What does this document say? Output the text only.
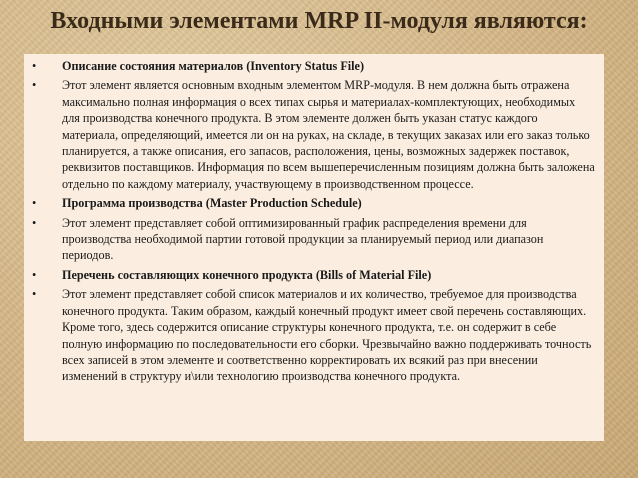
Входными элементами MRP II-модуля являются:
•	Описание состояния материалов (Inventory Status File)
•	Этот элемент является основным входным элементом MRP-модуля. В нем должна быть отражена максимально полная информация о всех типах сырья и материалах-комплектующих, необходимых для производства конечного продукта. В этом элементе должен быть указан статус каждого материала, определяющий, имеется ли он на руках, на складе, в текущих заказах или его заказ только планируется, а также описания, его запасов, расположения, цены, возможных задержек поставок, реквизитов поставщиков. Информация по всем вышеперечисленным позициям должна быть заложена отдельно по каждому материалу, участвующему в производственном процессе.
•	Программа производства (Master Production Schedule)
•	Этот элемент представляет собой оптимизированный график распределения времени для производства необходимой партии готовой продукции за планируемый период или диапазон периодов.
•	Перечень составляющих конечного продукта (Bills of Material File)
•	Этот элемент представляет собой список материалов и их количество, требуемое для производства конечного продукта. Таким образом, каждый конечный продукт имеет свой перечень составляющих. Кроме того, здесь содержится описание структуры конечного продукта, т.е. он содержит в себе полную информацию по последовательности его сборки. Чрезвычайно важно поддерживать точность всех записей в этом элементе и соответственно корректировать их всякий раз при внесении изменений в структуру и\или технологию производства конечного продукта.
